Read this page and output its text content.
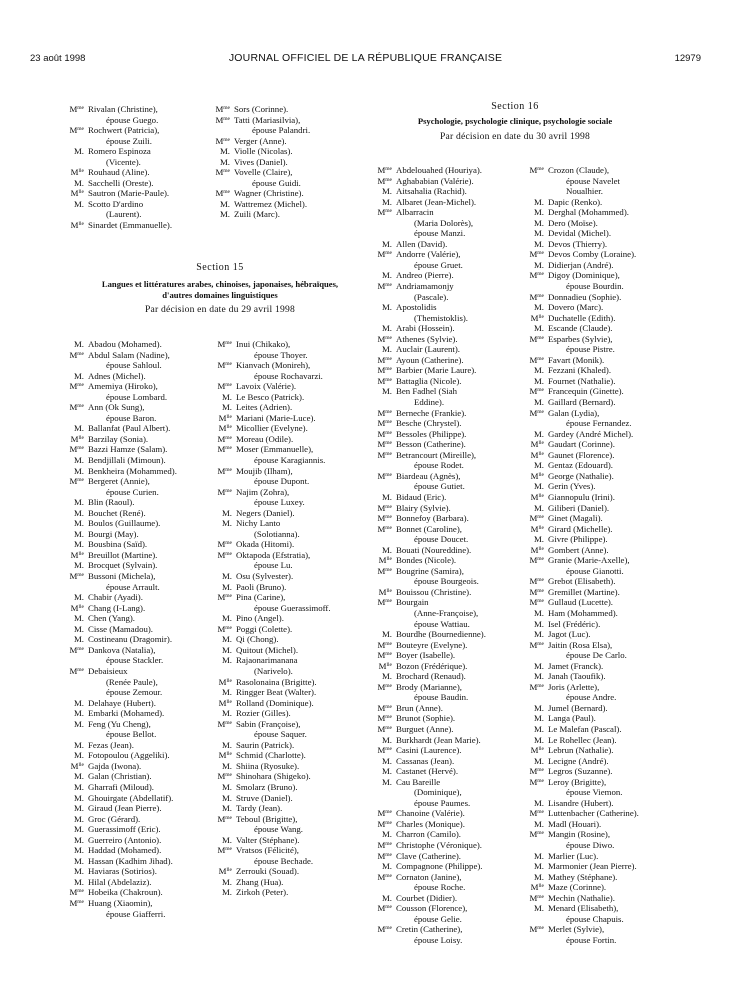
23 août 1998	JOURNAL OFFICIEL DE LA RÉPUBLIQUE FRANÇAISE	12979
$M^{me}$ Rivalan (Christine),
épouse Guego.
$M^{me}$ Rochwert (Patricia),
épouse Zuili.
M. Romero Espinoza
(Vicente).
$M^{lle}$ Rouhaud (Aline).
M. Sacchelli (Oreste).
$M^{lle}$ Sautron (Marie-Paule).
M. Scotto D'ardino
(Laurent).
$M^{lle}$ Sinardet (Emmanuelle).
$M^{me}$ Sors (Corinne).
$M^{me}$ Tatti (Mariasilvia),
épouse Palandri.
$M^{me}$ Verger (Anne).
M. Violle (Nicolas).
M. Vives (Daniel).
$M^{me}$ Vovelle (Claire),
épouse Guidi.
$M^{me}$ Wagner (Christine).
M. Wattremez (Michel).
M. Zuili (Marc).
Section 15
Langues et littératures arabes, chinoises, japonaises, hébraïques, d'autres domaines linguistiques
Par décision en date du 29 avril 1998
M. Abadou (Mohamed).
$M^{me}$ Abdul Salam (Nadine),
épouse Sahloul.
M. Adnes (Michel).
$M^{me}$ Amemiya (Hiroko),
épouse Lombard.
$M^{me}$ Ann (Ok Sung),
épouse Baron.
M. Ballanfat (Paul Albert).
$M^{lle}$ Barzilay (Sonia).
$M^{me}$ Bazzi Hamze (Salam).
M. Bendjillali (Mimoun).
M. Benkheira (Mohammed).
$M^{me}$ Bergeret (Annie),
épouse Curien.
M. Blin (Raoul).
M. Bouchet (René).
M. Boulos (Guillaume).
M. Bourgi (May).
M. Bousbina (Saïd).
$M^{lle}$ Breuillot (Martine).
M. Brocquet (Sylvain).
$M^{me}$ Bussoni (Michela),
épouse Arrault.
M. Chabir (Ayadi).
$M^{lle}$ Chang (I-Lang).
M. Chen (Yang).
M. Cisse (Mamadou).
M. Costineanu (Dragomir).
$M^{me}$ Dankova (Natalia),
épouse Stackler.
$M^{me}$ Debaisieux
(Renée Paule),
épouse Zemour.
M. Delahaye (Hubert).
M. Embarki (Mohamed).
M. Feng (Yu Cheng),
épouse Bellot.
M. Fezas (Jean).
M. Fotopoulou (Aggeliki).
$M^{lle}$ Gajda (Iwona).
M. Galan (Christian).
M. Gharrafi (Miloud).
M. Ghouirgate (Abdellatif).
M. Giraud (Jean Pierre).
M. Groc (Gérard).
M. Guerassimoff (Eric).
M. Guerreiro (Antonio).
M. Haddad (Mohamed).
M. Hassan (Kadhim Jihad).
M. Haviaras (Sotirios).
M. Hilal (Abdelaziz).
$M^{me}$ Hobeika (Chakroun).
$M^{me}$ Huang (Xiaomin),
épouse Giafferri.
$M^{me}$ Inui (Chikako),
épouse Thoyer.
$M^{me}$ Kianvach (Monireh),
épouse Rochavarzi.
$M^{me}$ Lavoix (Valérie).
M. Le Besco (Patrick).
M. Leites (Adrien).
$M^{lle}$ Mariani (Marie-Luce).
$M^{lle}$ Micollier (Evelyne).
$M^{me}$ Moreau (Odile).
$M^{me}$ Moser (Emmanuelle),
épouse Karagiannis.
$M^{me}$ Moujib (Ilham),
épouse Dupont.
$M^{me}$ Najim (Zohra),
épouse Luxey.
M. Negers (Daniel).
M. Nichy Lanto
(Solotianna).
$M^{me}$ Okada (Hitomi).
$M^{me}$ Oktapoda (Efstratia),
épouse Lu.
M. Osu (Sylvester).
M. Paoli (Bruno).
$M^{me}$ Pina (Carine),
épouse Guerassimoff.
M. Pino (Angel).
$M^{me}$ Poggi (Colette).
M. Qi (Chong).
M. Quitout (Michel).
M. Rajaonarimanana
(Narivelo).
$M^{lle}$ Rasolonaina (Brigitte).
M. Ringger Beat (Walter).
$M^{lle}$ Rolland (Dominique).
M. Rozier (Gilles).
$M^{me}$ Sabin (Françoise),
épouse Saquer.
M. Saurin (Patrick).
$M^{lle}$ Schmid (Charlotte).
M. Shiina (Ryosuke).
$M^{me}$ Shinohara (Shigeko).
M. Smolarz (Bruno).
M. Struve (Daniel).
M. Tardy (Jean).
$M^{me}$ Teboul (Brigitte),
épouse Wang.
M. Valter (Stéphane).
$M^{me}$ Vratsos (Félicité),
épouse Bechade.
$M^{lle}$ Zerrouki (Souad).
M. Zhang (Hua).
M. Zirkoh (Peter).
Section 16
Psychologie, psychologie clinique, psychologie sociale
Par décision en date du 30 avril 1998
$M^{me}$ Abdelouahed (Houriya).
$M^{me}$ Aghababian (Valérie).
M. Aitsahalia (Rachid).
M. Albaret (Jean-Michel).
$M^{me}$ Albarracin
(Maria Dolorès),
épouse Manzi.
M. Allen (David).
$M^{me}$ Andorre (Valérie),
épouse Gruet.
M. Andreo (Pierre).
$M^{me}$ Andriamamonjy
(Pascale).
M. Apostolidis
(Themistoklis).
M. Arabi (Hossein).
$M^{me}$ Athenes (Sylvie).
M. Auclair (Laurent).
$M^{me}$ Ayoun (Catherine).
$M^{me}$ Barbier (Marie Laure).
$M^{me}$ Battaglia (Nicole).
M. Ben Fadhel (Siah
Eddine).
$M^{me}$ Berneche (Frankie).
$M^{me}$ Besche (Chrystel).
$M^{me}$ Bessoles (Philippe).
$M^{me}$ Besson (Catherine).
$M^{me}$ Betrancourt (Mireille),
épouse Rodet.
$M^{me}$ Biardeau (Agnès),
épouse Gutiet.
M. Bidaud (Eric).
$M^{me}$ Blairy (Sylvie).
$M^{me}$ Bonnefoy (Barbara).
$M^{me}$ Bonnet (Caroline),
épouse Doucet.
M. Bouati (Noureddine).
$M^{lle}$ Bondes (Nicole).
$M^{me}$ Bougrine (Samira),
épouse Bourgeois.
$M^{lle}$ Bouissou (Christine).
$M^{me}$ Bourgain
(Anne-Françoise),
épouse Wattiau.
M. Bourdhe (Bournedienne).
$M^{me}$ Bouteyre (Evelyne).
$M^{me}$ Boyer (Isabelle).
$M^{lle}$ Bozon (Frédérique).
M. Brochard (Renaud).
$M^{me}$ Brody (Marianne),
épouse Baudin.
$M^{me}$ Brun (Anne).
$M^{me}$ Brunot (Sophie).
$M^{me}$ Burguet (Anne).
M. Burkhardt (Jean Marie).
$M^{me}$ Casini (Laurence).
M. Cassanas (Jean).
M. Castanet (Hervé).
M. Cau Bareille
(Dominique),
épouse Paumes.
$M^{me}$ Chanoine (Valérie).
$M^{me}$ Charles (Monique).
M. Charron (Camilo).
$M^{me}$ Christophe (Véronique).
$M^{me}$ Clave (Catherine).
M. Compagnone (Philippe).
$M^{me}$ Cornaton (Janine),
épouse Roche.
M. Courbet (Didier).
$M^{me}$ Cousson (Florence),
épouse Gelie.
$M^{me}$ Cretin (Catherine),
épouse Loisy.
$M^{me}$ Crozon (Claude),
épouse Navelet
Noualhier.
M. Dapic (Renko).
M. Derghal (Mohammed).
M. Dero (Moïse).
M. Devidal (Michel).
M. Devos (Thierry).
$M^{me}$ Devos Comby (Loraine).
M. Didierjan (André).
$M^{me}$ Digoy (Dominique),
épouse Bourdin.
$M^{me}$ Donnadieu (Sophie).
M. Dovero (Marc).
$M^{lle}$ Duchatelle (Edith).
M. Escande (Claude).
$M^{me}$ Esparbes (Sylvie),
épouse Pistre.
$M^{me}$ Favart (Monik).
M. Fezzani (Khaled).
M. Fournet (Nathalie).
$M^{me}$ Francequin (Ginette).
M. Gaillard (Bernard).
$M^{me}$ Galan (Lydia),
épouse Fernandez.
M. Gardey (André Michel).
$M^{lle}$ Gaudart (Corinne).
$M^{lle}$ Gaunet (Florence).
M. Gentaz (Edouard).
$M^{lle}$ George (Nathalie).
M. Gerin (Yves).
$M^{lle}$ Giannopulu (Irini).
M. Giliberi (Daniel).
$M^{me}$ Ginet (Magali).
$M^{lle}$ Girard (Michelle).
M. Givre (Philippe).
$M^{lle}$ Gombert (Anne).
$M^{me}$ Granie (Marie-Axelle),
épouse Gianotti.
$M^{me}$ Grebot (Elisabeth).
$M^{me}$ Gremillet (Martine).
$M^{me}$ Gullaud (Lucette).
M. Ham (Mohammed).
M. Isel (Frédéric).
M. Jagot (Luc).
$M^{me}$ Jaitin (Rosa Elsa),
épouse De Carlo.
M. Jamet (Franck).
M. Janah (Taoufik).
$M^{me}$ Joris (Arlette),
épouse Andre.
M. Jumel (Bernard).
M. Langa (Paul).
M. Le Malefan (Pascal).
M. Le Rohellec (Jean).
$M^{lle}$ Lebrun (Nathalie).
M. Lecigne (André).
$M^{me}$ Legros (Suzanne).
$M^{me}$ Leroy (Brigitte),
épouse Viemon.
M. Lisandre (Hubert).
$M^{me}$ Luttenbacher (Catherine).
M. Madl (Houari).
$M^{me}$ Mangin (Rosine),
épouse Diwo.
M. Marlier (Luc).
M. Marmonier (Jean Pierre).
M. Mathey (Stéphane).
$M^{lle}$ Maze (Corinne).
$M^{me}$ Mechin (Nathalie).
M. Menard (Elisabeth),
épouse Chapuis.
$M^{me}$ Merlet (Sylvie),
épouse Fortin.
